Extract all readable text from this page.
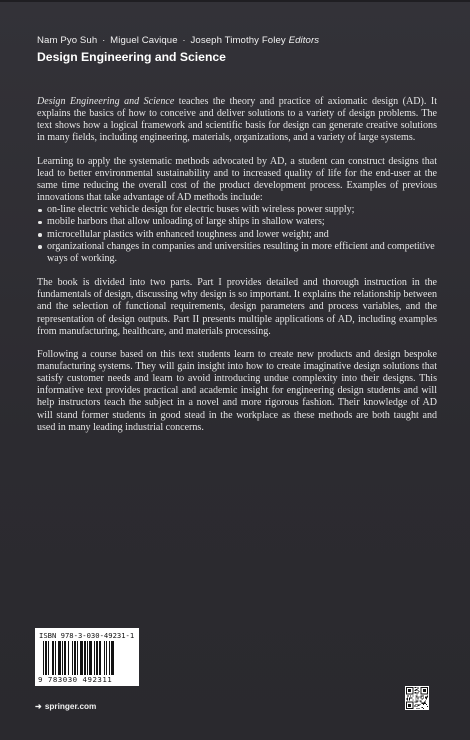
Nam Pyo Suh · Miguel Cavique · Joseph Timothy Foley Editors
Design Engineering and Science

Design Engineering and Science teaches the theory and practice of axiomatic design (AD). It explains the basics of how to conceive and deliver solutions to a variety of design problems. The text shows how a logical framework and scientific basis for design can generate creative solutions in many fields, including engineering, materials, organizations, and a variety of large systems.

Learning to apply the systematic methods advocated by AD, a student can construct designs that lead to better environmental sustainability and to increased quality of life for the end-user at the same time reducing the overall cost of the product development process. Examples of previous innovations that take advantage of AD methods include:

on-line electric vehicle design for electric buses with wireless power supply;
mobile harbors that allow unloading of large ships in shallow waters;
microcellular plastics with enhanced toughness and lower weight; and
organizational changes in companies and universities resulting in more efficient and competitive ways of working.

The book is divided into two parts. Part I provides detailed and thorough instruction in the fundamentals of design, discussing why design is so important. It explains the relationship between and the selection of functional requirements, design parameters and process variables, and the representation of design outputs. Part II presents multiple applications of AD, including examples from manufacturing, healthcare, and materials processing.

Following a course based on this text students learn to create new products and design bespoke manufacturing systems. They will gain insight into how to create imaginative design solutions that satisfy customer needs and learn to avoid introducing undue complexity into their designs. This informative text provides practical and academic insight for engineering design students and will help instructors teach the subject in a novel and more rigorous fashion. Their knowledge of AD will stand former students in good stead in the workplace as these methods are both taught and used in many leading industrial concerns.

ISBN 978-3-030-49231-1
9 783030 492311
➜ springer.com
